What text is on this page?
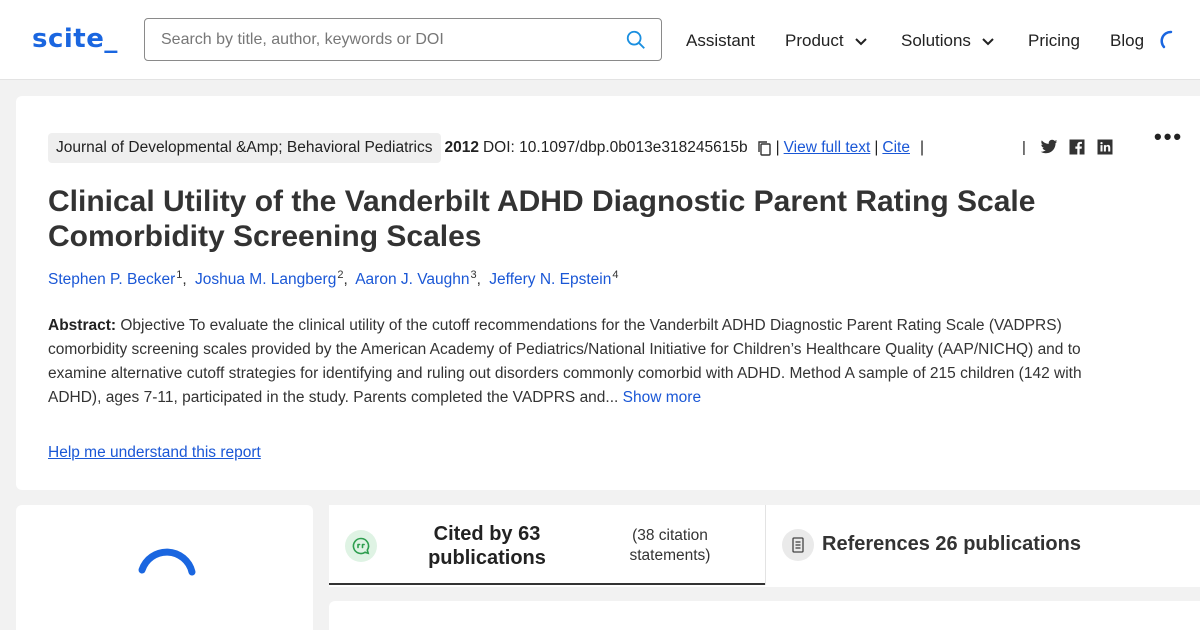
scite_
Search by title, author, keywords or DOI	Assistant Product	Solutions	Pricing Blog
Journal of Developmental &Amp; Behavioral Pediatrics 2012 DOI: 10.1097/dbp.0b013e318245615b | View full text | Cite |	|	•••
Clinical Utility of the Vanderbilt ADHD Diagnostic Parent Rating Scale Comorbidity Screening Scales
Stephen P. Becker$^1$, Joshua M. Langberg$^2$, Aaron J. Vaughn$^3$, Jeffery N. Epstein$^4$

Abstract: Objective To evaluate the clinical utility of the cutoff recommendations for the Vanderbilt ADHD Diagnostic Parent Rating Scale (VADPRS) comorbidity screening scales provided by the American Academy of Pediatrics/National Initiative for Children’s Healthcare Quality (AAP/NICHQ) and to examine alternative cutoff strategies for identifying and ruling out disorders commonly comorbid with ADHD. Method A sample of 215 children (142 with ADHD), ages 7-11, participated in the study. Parents completed the VADPRS and... Show more

Help me understand this report
Cited by 63 publications
(38 citation statements)
References 26 publications
